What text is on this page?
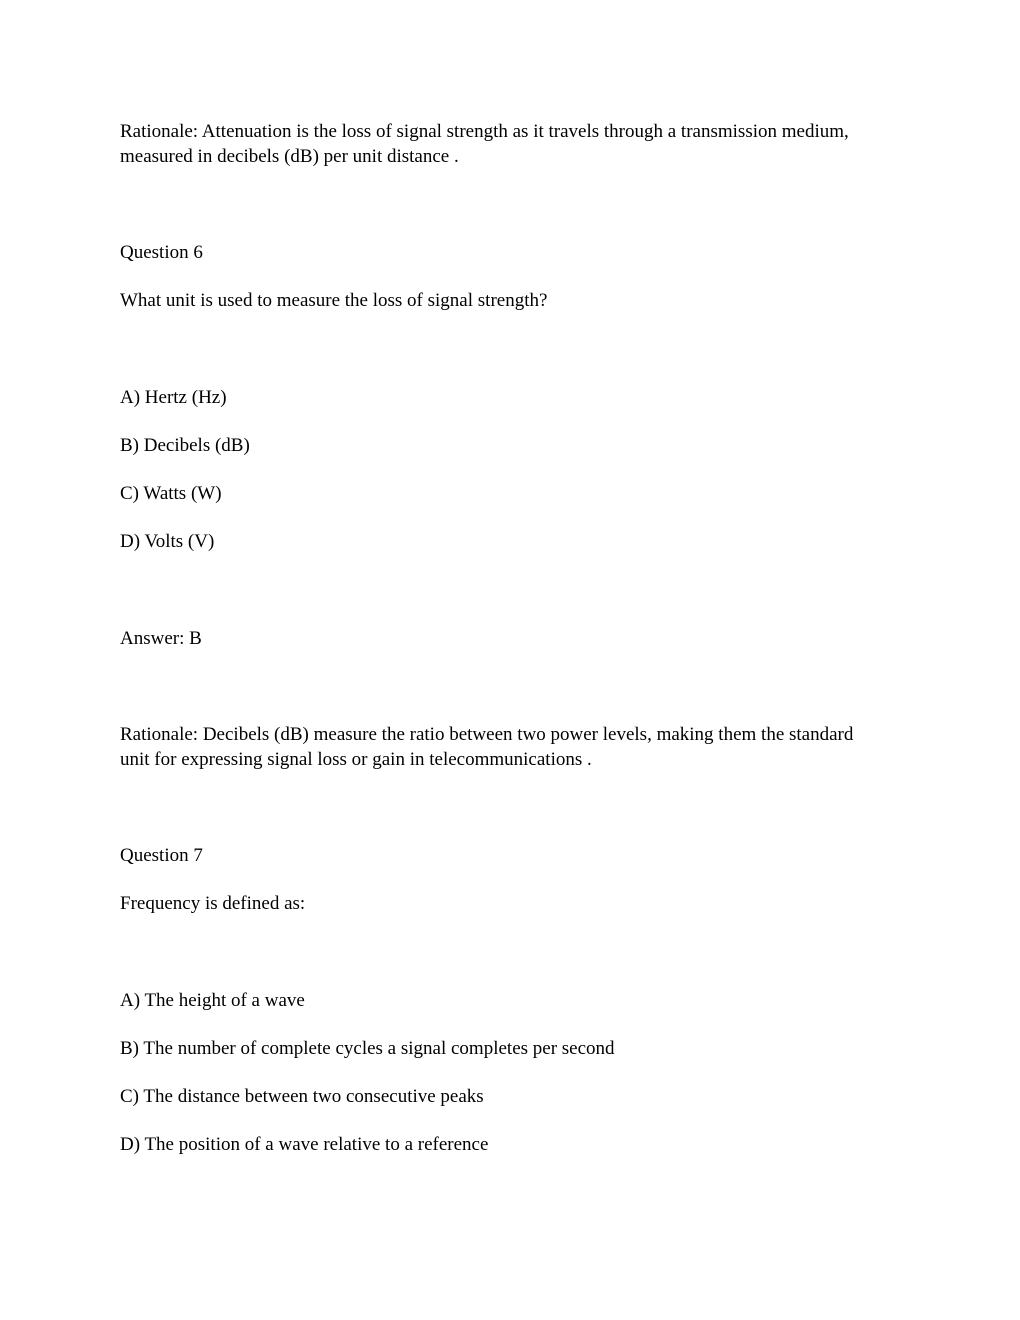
Rationale: Attenuation is the loss of signal strength as it travels through a transmission medium,

measured in decibels (dB) per unit distance .

Question 6

What unit is used to measure the loss of signal strength?

A) Hertz (Hz)

B) Decibels (dB)

C) Watts (W)

D) Volts (V)

Answer: B

Rationale: Decibels (dB) measure the ratio between two power levels, making them the standard

unit for expressing signal loss or gain in telecommunications .

Question 7

Frequency is defined as:

A) The height of a wave

B) The number of complete cycles a signal completes per second

C) The distance between two consecutive peaks

D) The position of a wave relative to a reference
